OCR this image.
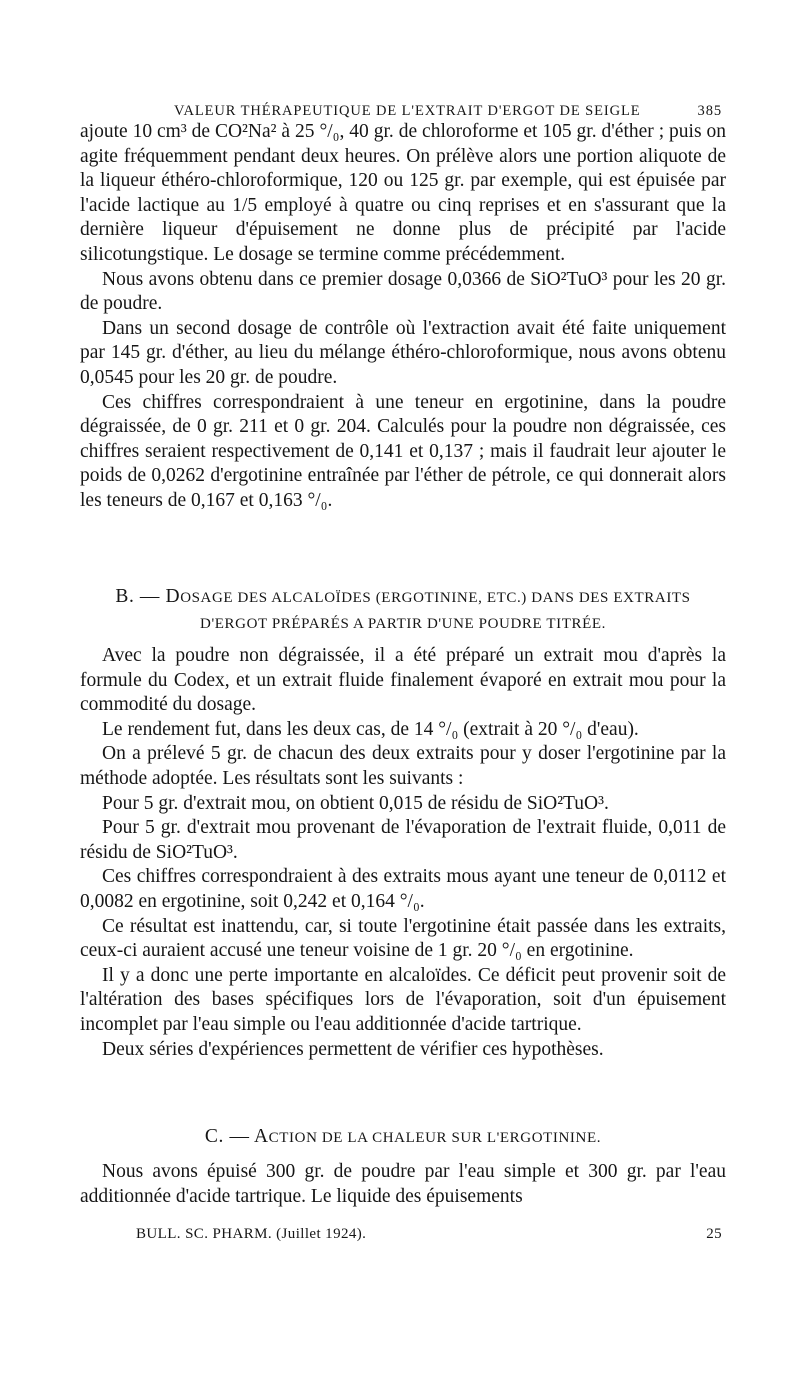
VALEUR THÉRAPEUTIQUE DE L'EXTRAIT D'ERGOT DE SEIGLE	385

ajoute 10 cm³ de CO²Na² à 25 °/₀, 40 gr. de chloroforme et 105 gr. d'éther ; puis on agite fréquemment pendant deux heures. On prélève alors une portion aliquote de la liqueur éthéro-chloroformique, 120 ou 125 gr. par exemple, qui est épuisée par l'acide lactique au 1/5 employé à quatre ou cinq reprises et en s'assurant que la dernière liqueur d'épuisement ne donne plus de précipité par l'acide silicotungstique. Le dosage se termine comme précédemment.

Nous avons obtenu dans ce premier dosage 0,0366 de SiO²TuO³ pour les 20 gr. de poudre.

Dans un second dosage de contrôle où l'extraction avait été faite uniquement par 145 gr. d'éther, au lieu du mélange éthéro-chloroformique, nous avons obtenu 0,0545 pour les 20 gr. de poudre.

Ces chiffres correspondraient à une teneur en ergotinine, dans la poudre dégraissée, de 0 gr. 211 et 0 gr. 204. Calculés pour la poudre non dégraissée, ces chiffres seraient respectivement de 0,141 et 0,137 ; mais il faudrait leur ajouter le poids de 0,0262 d'ergotinine entraînée par l'éther de pétrole, ce qui donnerait alors les teneurs de 0,167 et 0,163 °/₀.

B. — DOSAGE DES ALCALOÏDES (ERGOTININE, ETC.) DANS DES EXTRAITS
D'ERGOT PRÉPARÉS A PARTIR D'UNE POUDRE TITRÉE.

Avec la poudre non dégraissée, il a été préparé un extrait mou d'après la formule du Codex, et un extrait fluide finalement évaporé en extrait mou pour la commodité du dosage.

Le rendement fut, dans les deux cas, de 14 °/₀ (extrait à 20 °/₀ d'eau).

On a prélevé 5 gr. de chacun des deux extraits pour y doser l'ergotinine par la méthode adoptée. Les résultats sont les suivants :

Pour 5 gr. d'extrait mou, on obtient 0,015 de résidu de SiO²TuO³.

Pour 5 gr. d'extrait mou provenant de l'évaporation de l'extrait fluide, 0,011 de résidu de SiO²TuO³.

Ces chiffres correspondraient à des extraits mous ayant une teneur de 0,0112 et 0,0082 en ergotinine, soit 0,242 et 0,164 °/₀.

Ce résultat est inattendu, car, si toute l'ergotinine était passée dans les extraits, ceux-ci auraient accusé une teneur voisine de 1 gr. 20 °/₀ en ergotinine.

Il y a donc une perte importante en alcaloïdes. Ce déficit peut provenir soit de l'altération des bases spécifiques lors de l'évaporation, soit d'un épuisement incomplet par l'eau simple ou l'eau additionnée d'acide tartrique.

Deux séries d'expériences permettent de vérifier ces hypothèses.

C. — ACTION DE LA CHALEUR SUR L'ERGOTININE.

Nous avons épuisé 300 gr. de poudre par l'eau simple et 300 gr. par l'eau additionnée d'acide tartrique. Le liquide des épuisements

BULL. SC. PHARM. (Juillet 1924).	25
